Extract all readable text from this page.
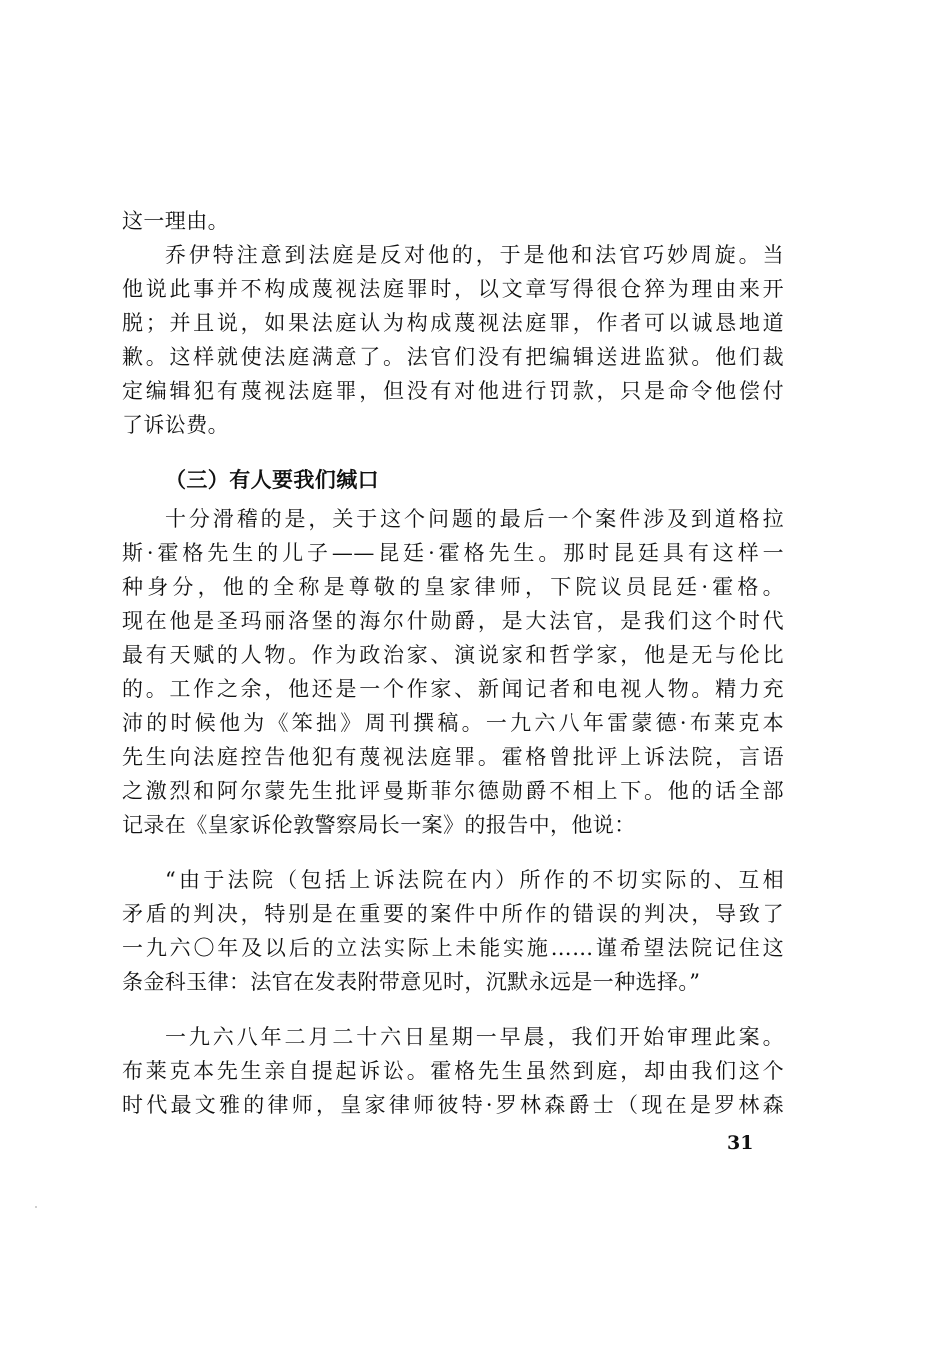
这一理由。
乔伊特注意到法庭是反对他的，于是他和法官巧妙周旋。当
他说此事并不构成蔑视法庭罪时，以文章写得很仓猝为理由来开
脱；并且说，如果法庭认为构成蔑视法庭罪，作者可以诚恳地道
歉。这样就使法庭满意了。法官们没有把编辑送进监狱。他们裁
定编辑犯有蔑视法庭罪，但没有对他进行罚款，只是命令他偿付
了诉讼费。
（三）有人要我们缄口
十分滑稽的是，关于这个问题的最后一个案件涉及到道格拉
斯·霍格先生的儿子——昆廷·霍格先生。那时昆廷具有这样一
种身分，他的全称是尊敬的皇家律师，下院议员昆廷·霍格。
现在他是圣玛丽洛堡的海尔什勋爵，是大法官，是我们这个时代
最有天赋的人物。作为政治家、演说家和哲学家，他是无与伦比
的。工作之余，他还是一个作家、新闻记者和电视人物。精力充
沛的时候他为《笨拙》周刊撰稿。一九六八年雷蒙德·布莱克本
先生向法庭控告他犯有蔑视法庭罪。霍格曾批评上诉法院，言语
之激烈和阿尔蒙先生批评曼斯菲尔德勋爵不相上下。他的话全部
记录在《皇家诉伦敦警察局长一案》的报告中，他说：
“由于法院（包括上诉法院在内）所作的不切实际的、互相
矛盾的判决，特别是在重要的案件中所作的错误的判决，导致了
一九六〇年及以后的立法实际上未能实施……谨希望法院记住这
条金科玉律：法官在发表附带意见时，沉默永远是一种选择。”
一九六八年二月二十六日星期一早晨，我们开始审理此案。
布莱克本先生亲自提起诉讼。霍格先生虽然到庭，却由我们这个
时代最文雅的律师，皇家律师彼特·罗林森爵士（现在是罗林森
31
